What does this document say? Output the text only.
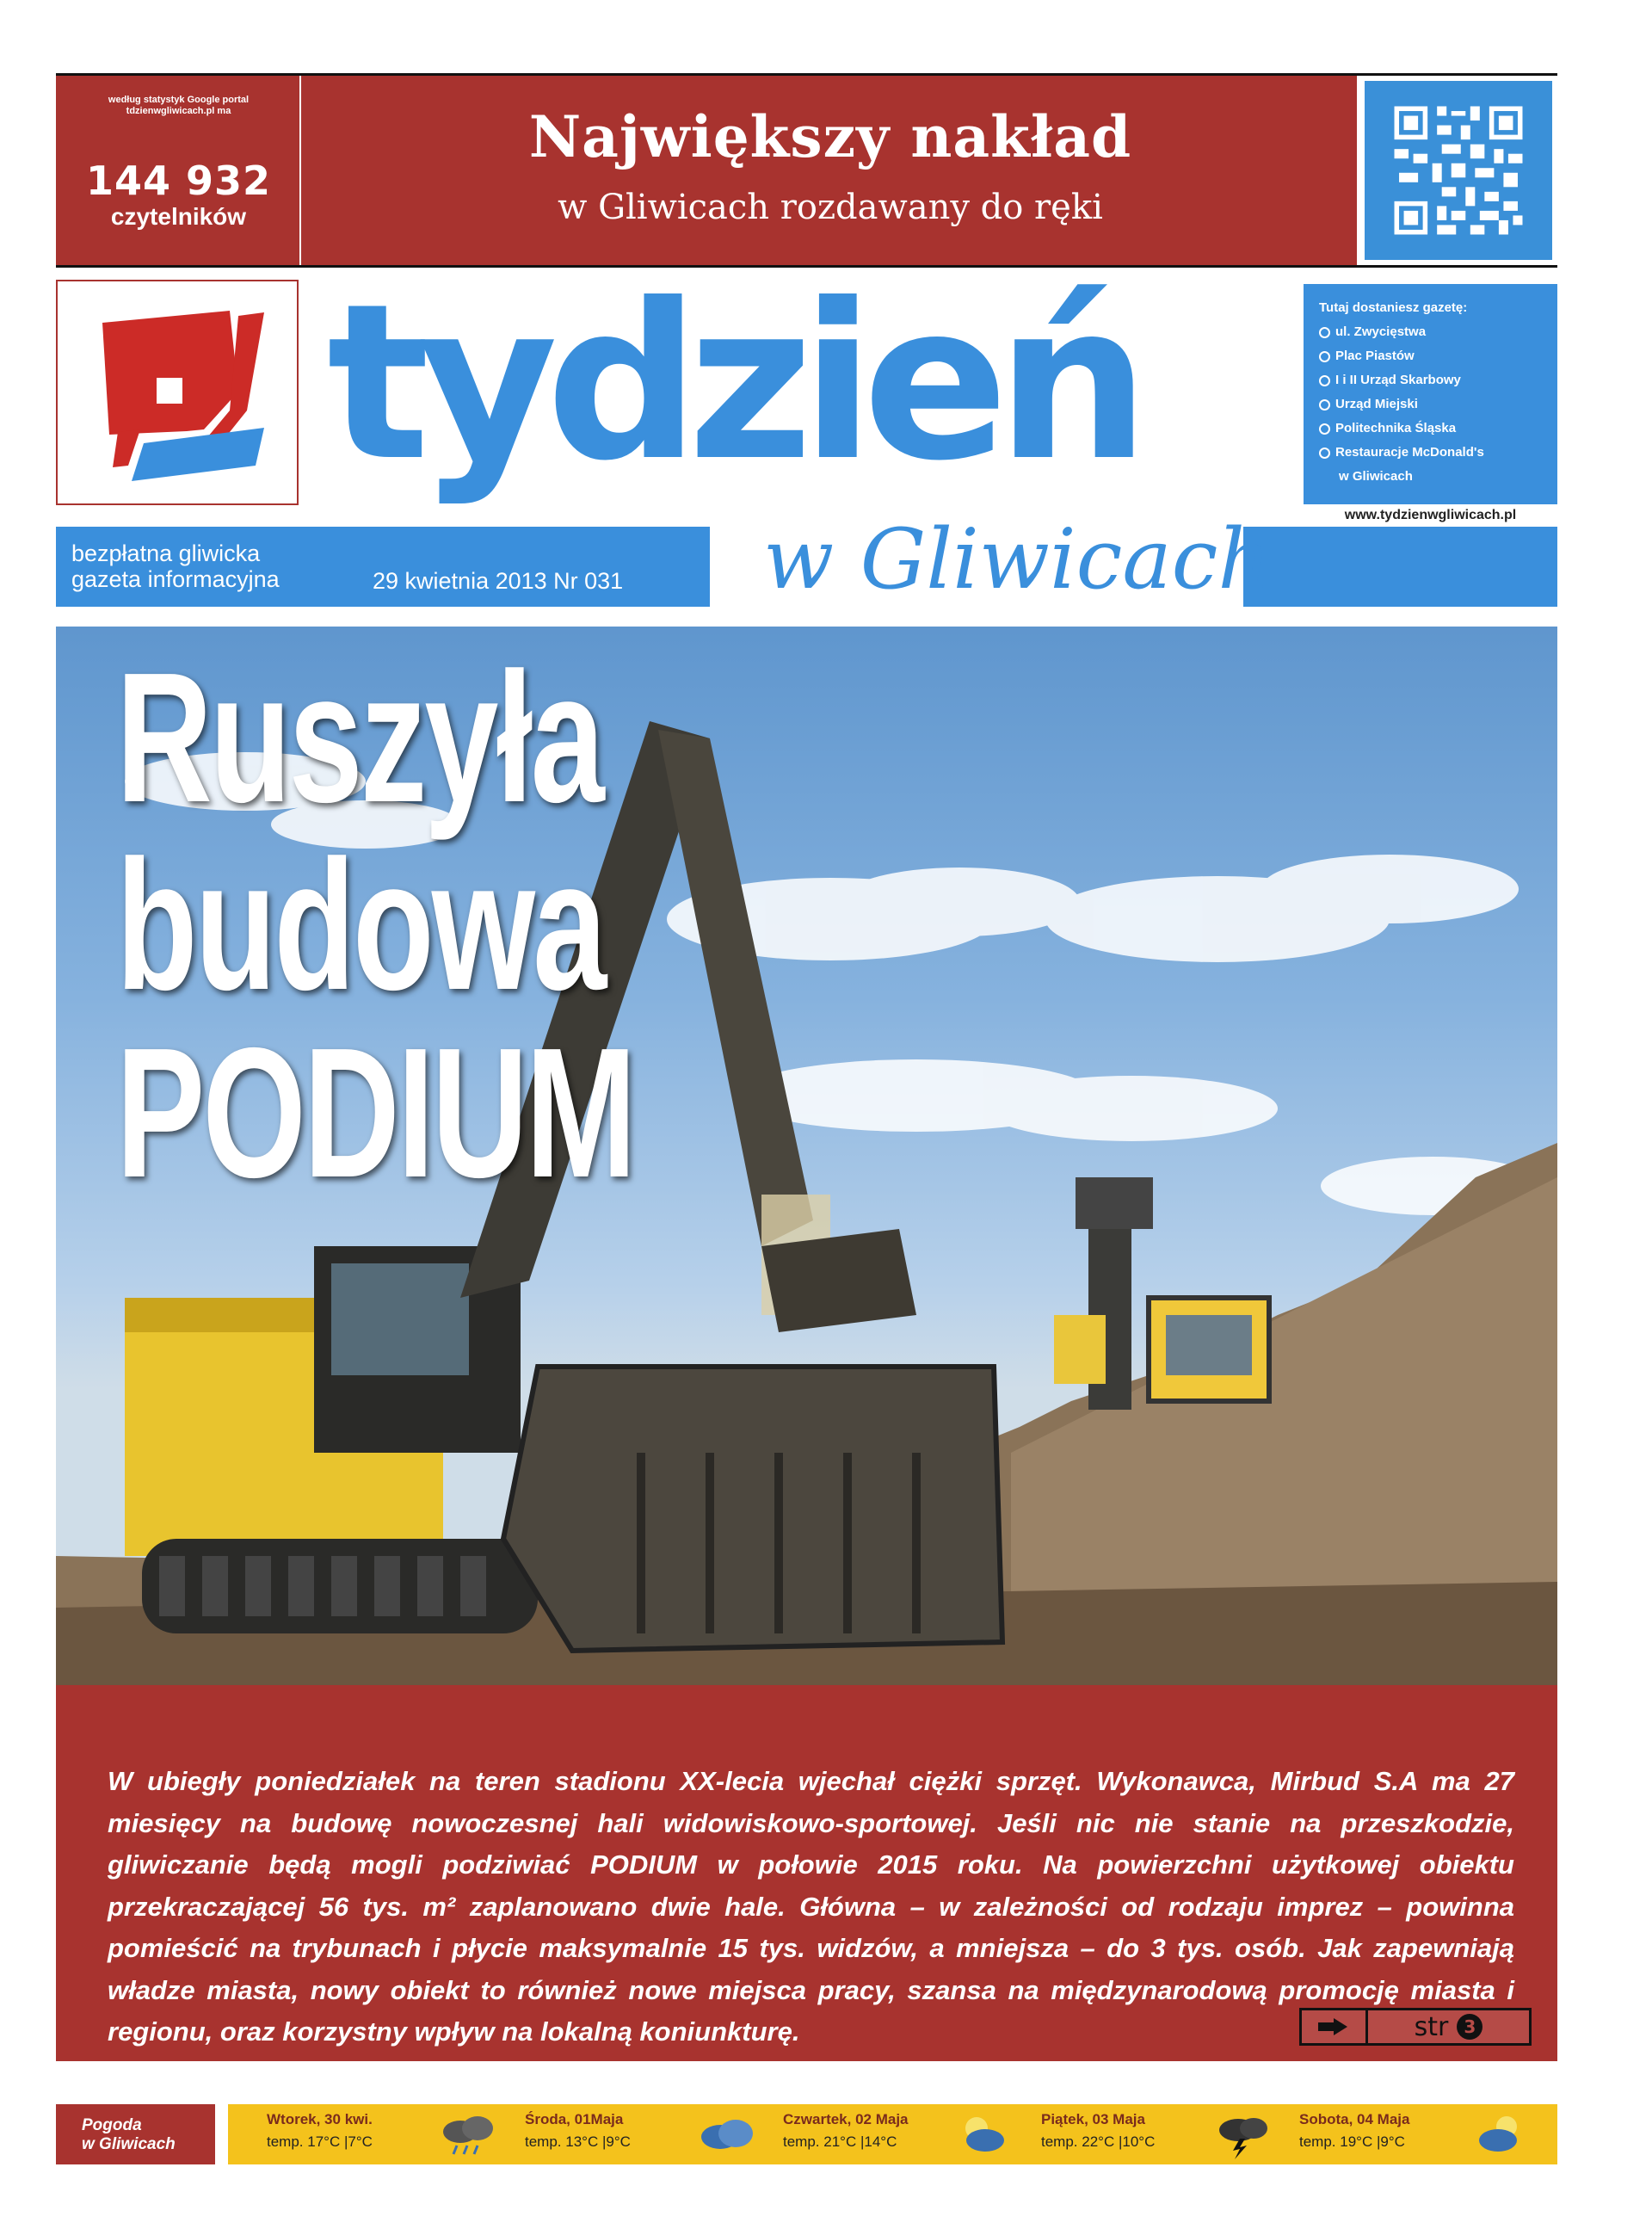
według statystyk Google portal tdzienwgliwicach.pl ma
144 932
czytelników
Największy nakład
w Gliwicach rozdawany do ręki
tydzień	Tutaj dostaniesz gazetę:
ul. Zwycięstwa
Plac Piastów
I i II Urząd Skarbowy
Urząd Miejski
Politechnika Śląska
Restauracje McDonald's
w Gliwicach
www.tydzienwgliwicach.pl
bezpłatna gliwicka
gazeta informacyjna	29 kwietnia 2013 Nr 031 w Gliwicach
Ruszyła
budowa
PODIUM
W ubiegły poniedziałek na teren stadionu XX-lecia wjechał ciężki sprzęt. Wykonawca, Mirbud S.A ma 27 miesięcy na budowę nowoczesnej hali widowiskowo-sportowej. Jeśli nic nie stanie na przeszkodzie, gliwiczanie będą mogli podziwiać PODIUM w połowie 2015 roku. Na powierzchni użytkowej obiektu przekraczającej 56 tys. m² zaplanowano dwie hale. Główna – w zależności od rodzaju imprez – powinna pomieścić na trybunach i płycie maksymalnie 15 tys. widzów, a mniejsza – do 3 tys. osób. Jak zapewniają władze miasta, nowy obiekt to również nowe miejsca pracy, szansa na międzynarodową promocję miasta i regionu, oraz korzystny wpływ na lokalną koniunkturę.	str 3
Pogoda
w Gliwicach
Wtorek, 30 kwi.
temp. 17°C |7°C
Środa, 01Maja
temp. 13°C |9°C
Czwartek, 02 Maja
temp. 21°C |14°C
Piątek, 03 Maja
temp. 22°C |10°C
Sobota, 04 Maja
temp. 19°C |9°C
